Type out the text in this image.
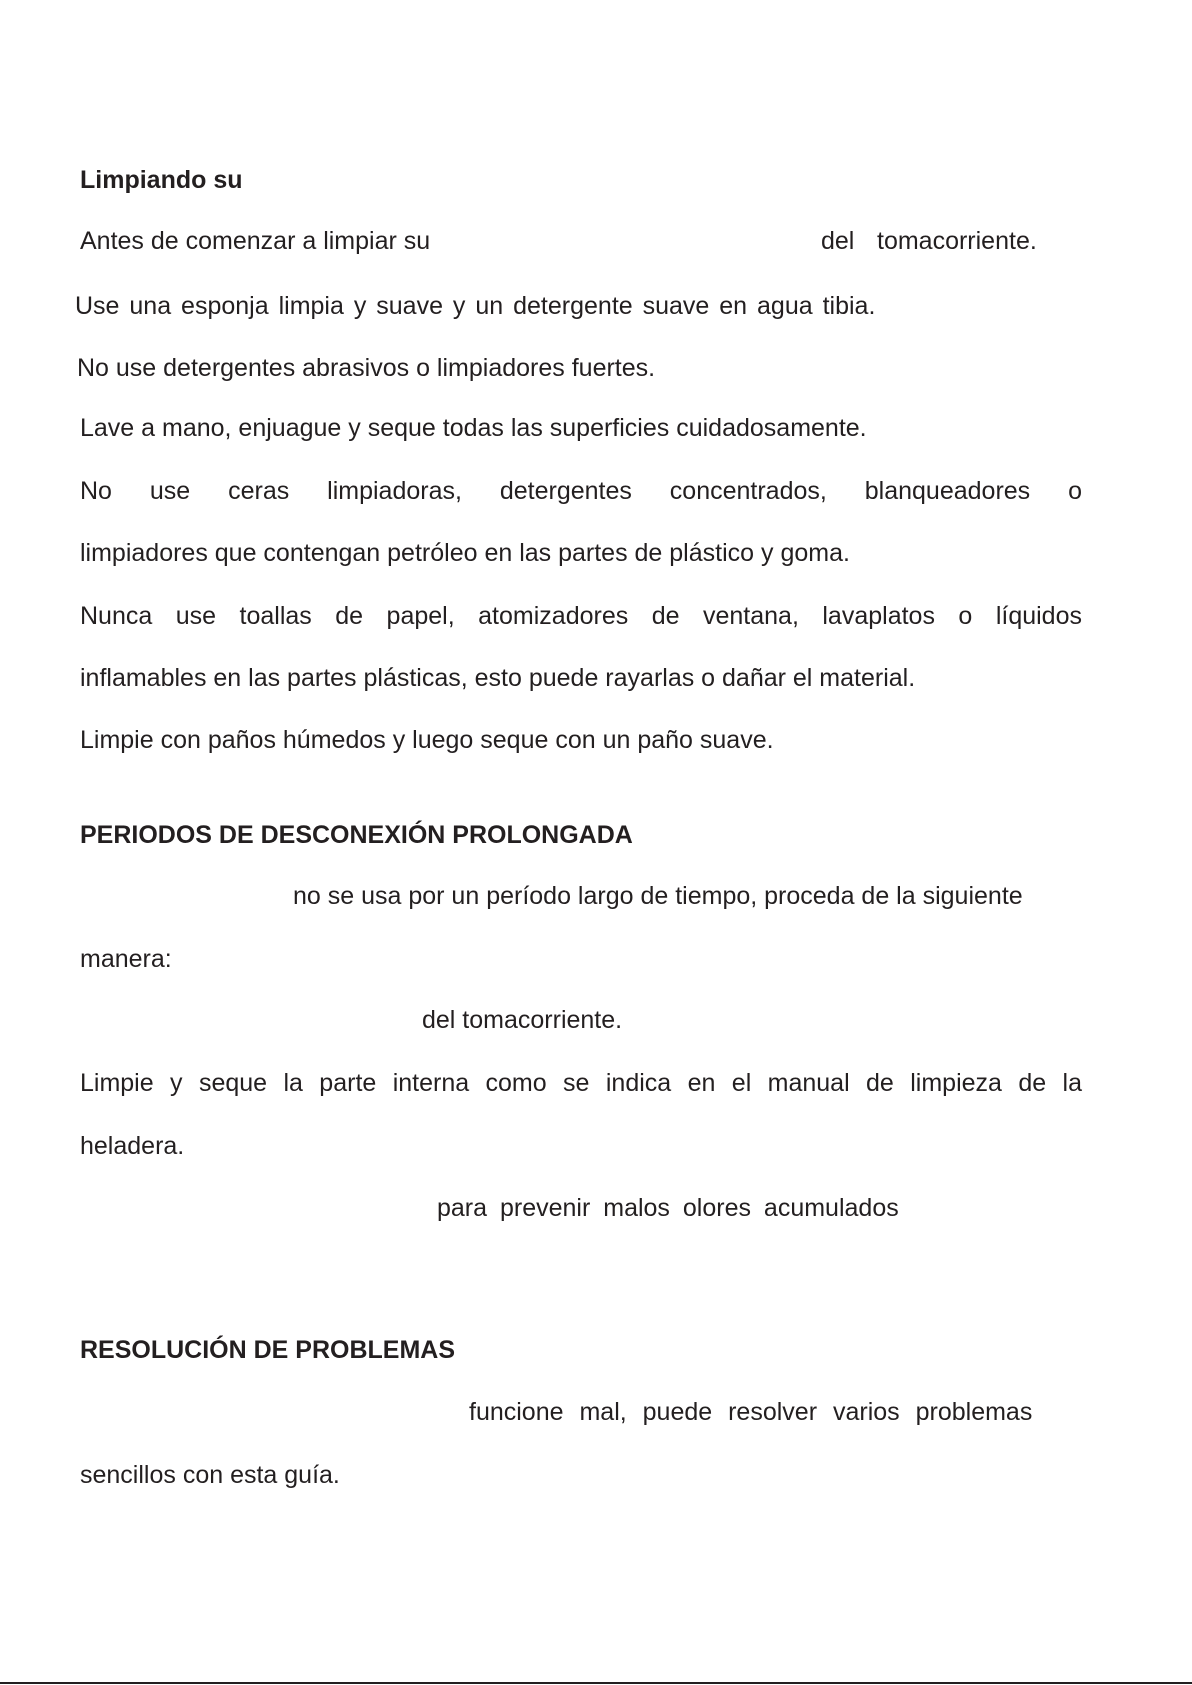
Limpiando su
Antes de comenzar a limpiar su	del tomacorriente.
Use una esponja limpia y suave y un detergente suave en agua tibia.
No use detergentes abrasivos o limpiadores fuertes.
Lave a mano, enjuague y seque todas las superficies cuidadosamente.
No use ceras limpiadoras, detergentes concentrados, blanqueadores o
limpiadores que contengan petróleo en las partes de plástico y goma.
Nunca use toallas de papel, atomizadores de ventana, lavaplatos o líquidos
inflamables en las partes plásticas, esto puede rayarlas o dañar el material.
Limpie con paños húmedos y luego seque con un paño suave.
PERIODOS DE DESCONEXIÓN PROLONGADA
no se usa por un período largo de tiempo, proceda de la siguiente
manera:
del tomacorriente.
Limpie y seque la parte interna como se indica en el manual de limpieza de la
heladera.
para prevenir malos olores acumulados
RESOLUCIÓN DE PROBLEMAS
funcione mal, puede resolver varios problemas
sencillos con esta guía.
